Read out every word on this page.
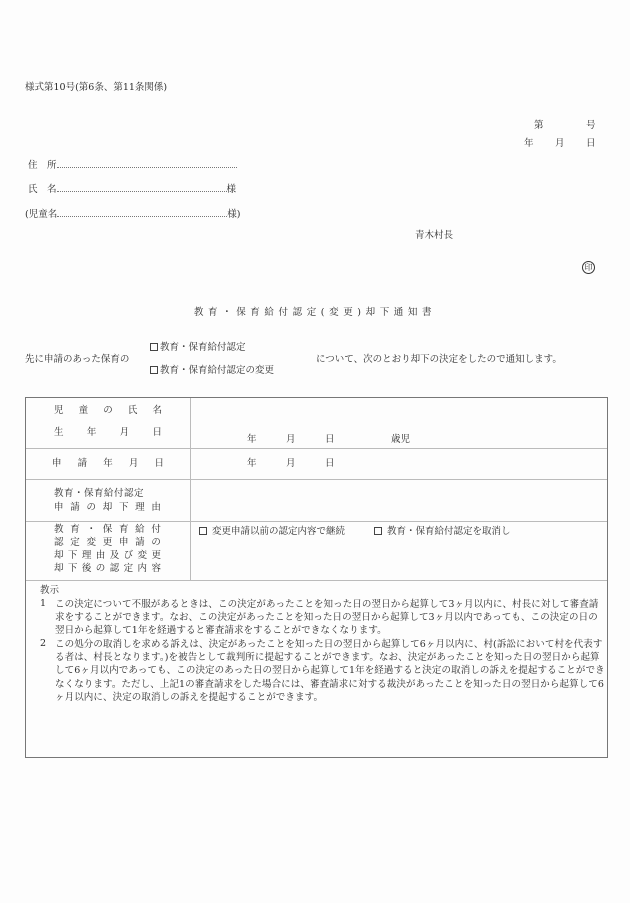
様式第10号(第6条、第11条関係)
第	号
年 月 日
住　所
氏　名	様
(児童名	様)
青木村長
印
教育・保育給付認定(変更)却下通知書
先に申請のあった保育の
教育・保育給付認定
教育・保育給付認定の変更
について、次のとおり却下の決定をしたので通知します。
児 童 の 氏 名
生 年 月 日
年	月	日	歳児
申 請 年 月 日	年	月	日
教育・保育給付認定
申 請 の 却 下 理 由
教 育 ・ 保 育 給 付
認 定 変 更 申 請 の
却 下 理 由 及 び 変 更
却 下 後 の 認 定 内 容
変更申請以前の認定内容で継続	教育・保育給付認定を取消し
教示
1 この決定について不服があるときは、この決定があったことを知った日の翌日から起算して3ヶ月以内に、村長に対して審査請求をすることができます。なお、この決定があったことを知った日の翌日から起算して3ヶ月以内であっても、この決定の日の翌日から起算して1年を経過すると審査請求をすることができなくなります。
2 この処分の取消しを求める訴えは、決定があったことを知った日の翌日から起算して6ヶ月以内に、村(訴訟において村を代表する者は、村長となります。)を被告として裁判所に提起することができます。なお、決定があったことを知った日の翌日から起算して6ヶ月以内であっても、この決定のあった日の翌日から起算して1年を経過すると決定の取消しの訴えを提起することができなくなります。ただし、上記1の審査請求をした場合には、審査請求に対する裁決があったことを知った日の翌日から起算して6ヶ月以内に、決定の取消しの訴えを提起することができます。
